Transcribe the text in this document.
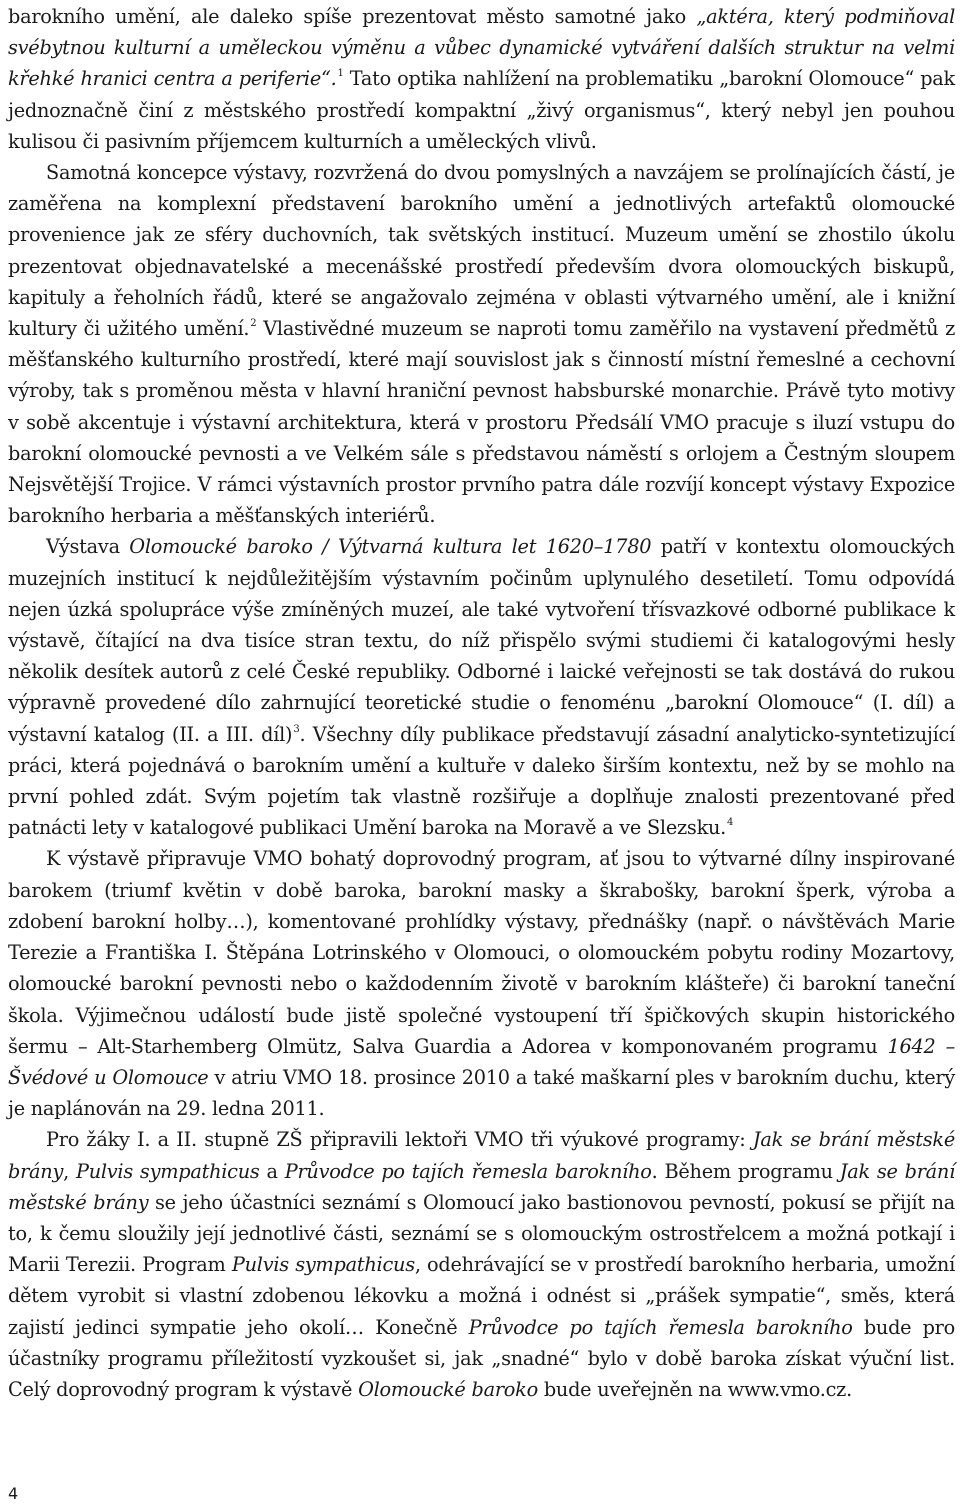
barokního umění, ale daleko spíše prezentovat město samotné jako „aktéra, který podmiňoval svébytnou kulturní a uměleckou výměnu a vůbec dynamické vytváření dalších struktur na velmi křehké hranici centra a periferie“.$^1$ Tato optika nahlížení na problematiku „barokní Olomouce“ pak jednoznačně činí z městského prostředí kompaktní „živý organismus“, který nebyl jen pouhou kulisou či pasivním příjemcem kulturních a uměleckých vlivů.

Samotná koncepce výstavy, rozvržená do dvou pomyslných a navzájem se prolínajících částí, je zaměřena na komplexní představení barokního umění a jednotlivých artefaktů olomoucké provenience jak ze sféry duchovních, tak světských institucí. Muzeum umění se zhostilo úkolu prezentovat objednavatelské a mecenášské prostředí především dvora olomouckých biskupů, kapituly a řeholních řádů, které se angažovalo zejména v oblasti výtvarného umění, ale i knižní kultury či užitého umění.$^2$ Vlastivědné muzeum se naproti tomu zaměřilo na vystavení předmětů z měšťanského kulturního prostředí, které mají souvislost jak s činností místní řemeslné a cechovní výroby, tak s proměnou města v hlavní hraniční pevnost habsburské monarchie. Právě tyto motivy v sobě akcentuje i výstavní architektura, která v prostoru Předsálí VMO pracuje s iluzí vstupu do barokní olomoucké pevnosti a ve Velkém sále s představou náměstí s orlojem a Čestným sloupem Nejsvětější Trojice. V rámci výstavních prostor prvního patra dále rozvíjí koncept výstavy Expozice barokního herbaria a měšťanských interiérů.

Výstava Olomoucké baroko / Výtvarná kultura let 1620–1780 patří v kontextu olomouckých muzejních institucí k nejdůležitějším výstavním počinům uplynulého desetiletí. Tomu odpovídá nejen úzká spolupráce výše zmíněných muzeí, ale také vytvoření třísvazkové odborné publikace k výstavě, čítající na dva tisíce stran textu, do níž přispělo svými studiemi či katalogovými hesly několik desítek autorů z celé České republiky. Odborné i laické veřejnosti se tak dostává do rukou výpravně provedené dílo zahrnující teoretické studie o fenoménu „barokní Olomouce“ (I. díl) a výstavní katalog (II. a III. díl)$^3$. Všechny díly publikace představují zásadní analyticko-syntetizující práci, která pojednává o barokním umění a kultuře v daleko širším kontextu, než by se mohlo na první pohled zdát. Svým pojetím tak vlastně rozšiřuje a doplňuje znalosti prezentované před patnácti lety v katalogové publikaci Umění baroka na Moravě a ve Slezsku.$^4$

K výstavě připravuje VMO bohatý doprovodný program, ať jsou to výtvarné dílny inspirované barokem (triumf květin v době baroka, barokní masky a škrabošky, barokní šperk, výroba a zdobení barokní holby…), komentované prohlídky výstavy, přednášky (např. o návštěvách Marie Terezie a Františka I. Štěpána Lotrinského v Olomouci, o olomouckém pobytu rodiny Mozartovy, olomoucké barokní pevnosti nebo o každodenním životě v barokním klášteře) či barokní taneční škola. Výjimečnou událostí bude jistě společné vystoupení tří špičkových skupin historického šermu – Alt-Starhemberg Olmütz, Salva Guardia a Adorea v komponovaném programu 1642 – Švédové u Olomouce v atriu VMO 18. prosince 2010 a také maškarní ples v barokním duchu, který je naplánován na 29. ledna 2011.

Pro žáky I. a II. stupně ZŠ připravili lektoři VMO tři výukové programy: Jak se brání městské brány, Pulvis sympathicus a Průvodce po tajích řemesla barokního. Během programu Jak se brání městské brány se jeho účastníci seznámí s Olomoucí jako bastionovou pevností, pokusí se přijít na to, k čemu sloužily její jednotlivé části, seznámí se s olomouckým ostrostřelcem a možná potkají i Marii Terezii. Program Pulvis sympathicus, odehrávající se v prostředí barokního herbaria, umožní dětem vyrobit si vlastní zdobenou lékovku a možná i odnést si „prášek sympatie“, směs, která zajistí jedinci sympatie jeho okolí… Konečně Průvodce po tajích řemesla barokního bude pro účastníky programu příležitostí vyzkoušet si, jak „snadné“ bylo v době baroka získat výuční list. Celý doprovodný program k výstavě Olomoucké baroko bude uveřejněn na www.vmo.cz.

4
